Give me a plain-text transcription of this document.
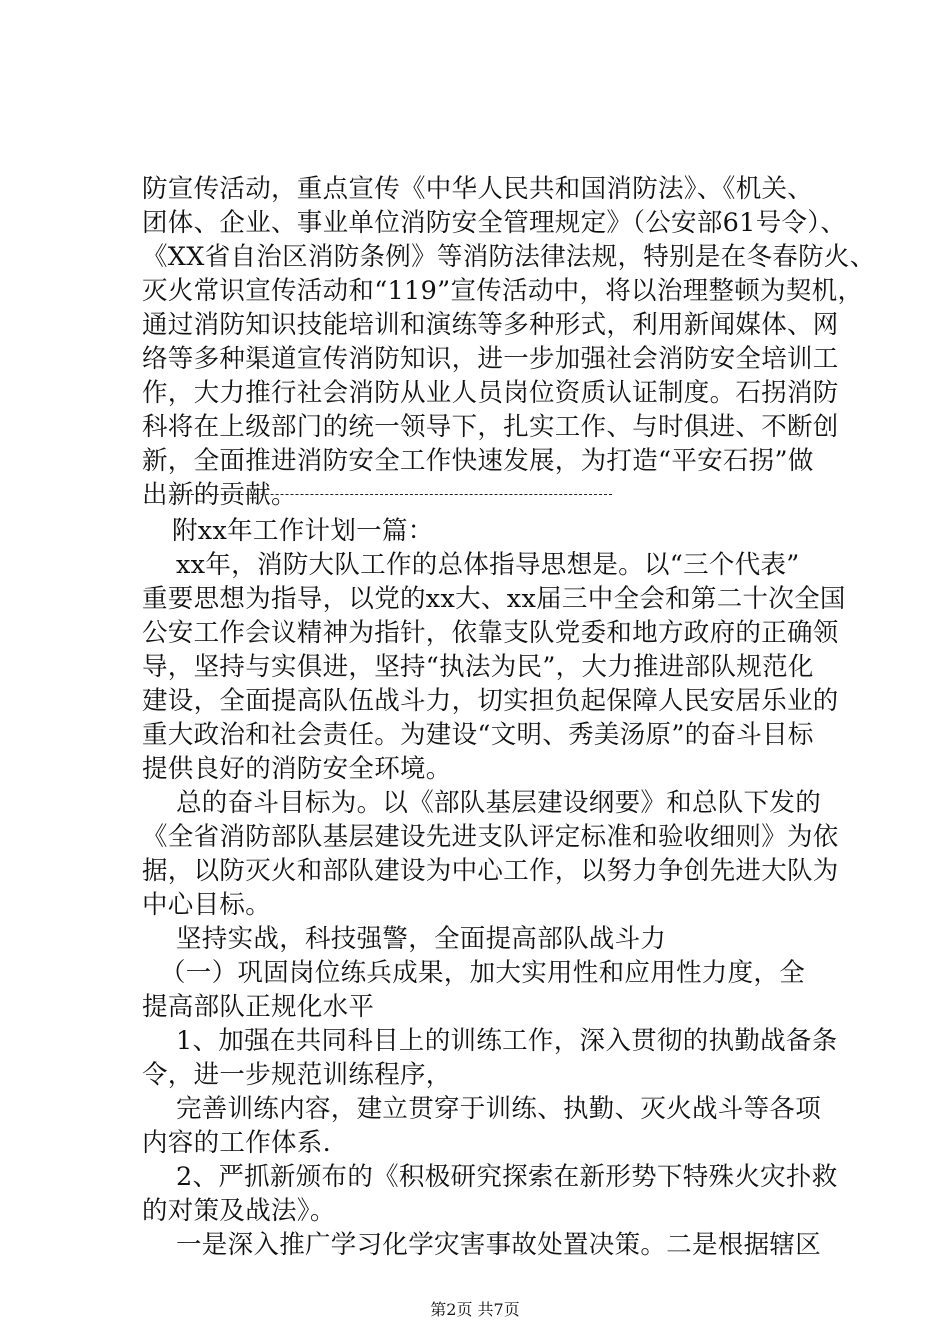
防宣传活动，重点宣传《中华人民共和国消防法》、《机关、
团体、企业、事业单位消防安全管理规定》（公安部61号令）、
《XX省自治区消防条例》等消防法律法规，特别是在冬春防火、
灭火常识宣传活动和“119”宣传活动中，将以治理整顿为契机，
通过消防知识技能培训和演练等多种形式，利用新闻媒体、网
络等多种渠道宣传消防知识，进一步加强社会消防安全培训工
作，大力推行社会消防从业人员岗位资质认证制度。石拐消防
科将在上级部门的统一领导下，扎实工作、与时俱进、不断创
新，全面推进消防安全工作快速发展，为打造“平安石拐”做
出新的贡献。
附xx年工作计划一篇：
xx年，消防大队工作的总体指导思想是。以“三个代表”
重要思想为指导，以党的xx大、xx届三中全会和第二十次全国
公安工作会议精神为指针，依靠支队党委和地方政府的正确领
导，坚持与实俱进，坚持“执法为民”，大力推进部队规范化
建设，全面提高队伍战斗力，切实担负起保障人民安居乐业的
重大政治和社会责任。为建设“文明、秀美汤原”的奋斗目标
提供良好的消防安全环境。
总的奋斗目标为。以《部队基层建设纲要》和总队下发的
《全省消防部队基层建设先进支队评定标准和验收细则》为依
据，以防灭火和部队建设为中心工作，以努力争创先进大队为
中心目标。
坚持实战，科技强警，全面提高部队战斗力
（一）巩固岗位练兵成果，加大实用性和应用性力度，全
提高部队正规化水平
1、加强在共同科目上的训练工作，深入贯彻的执勤战备条
令，进一步规范训练程序，
完善训练内容，建立贯穿于训练、执勤、灭火战斗等各项
内容的工作体系.
2、严抓新颁布的《积极研究探索在新形势下特殊火灾扑救
的对策及战法》。
一是深入推广学习化学灾害事故处置决策。二是根据辖区
第2页 共7页
